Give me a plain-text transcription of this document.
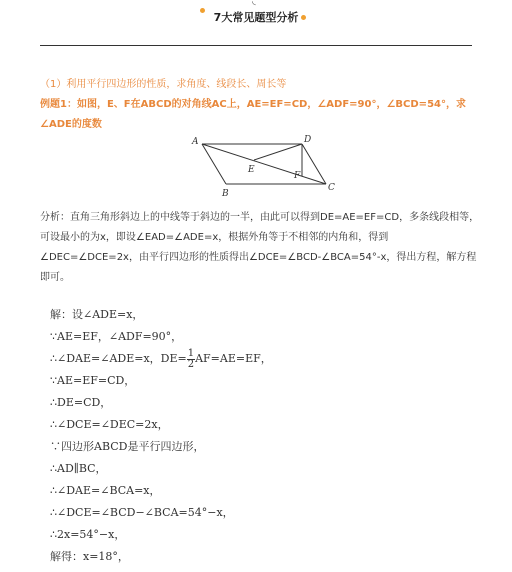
◟
7大常见题型分析
（1）利用平行四边形的性质，求角度、线段长、周长等
例题1：如图，E、F在ABCD的对角线AC上，AE=EF=CD，∠ADF=90°，∠BCD=54°，求∠ADE的度数
A	D
B
C
E
F
分析：直角三角形斜边上的中线等于斜边的一半，由此可以得到DE=AE=EF=CD，多条线段相等，可设最小的为x，即设∠EAD=∠ADE=x，根据外角等于不相邻的内角和，得到∠DEC=∠DCE=2x，由平行四边形的性质得出∠DCE=∠BCD-∠BCA=54°-x，得出方程，解方程即可。
解：设∠ADE=x，
∵AE=EF，∠ADF=90°，
∴∠DAE=∠ADE=x，$DE= \frac{1}{2} AF=AE=EF$，
∵AE=EF=CD，
∴DE=CD，
∴∠DCE=∠DEC=2x，
∵四边形ABCD是平行四边形，
∴AD∥BC，
∴∠DAE=∠BCA=x，
∴∠DCE=∠BCD−∠BCA=54°−x，
∴2x=54°−x，
解得：x=18°，
